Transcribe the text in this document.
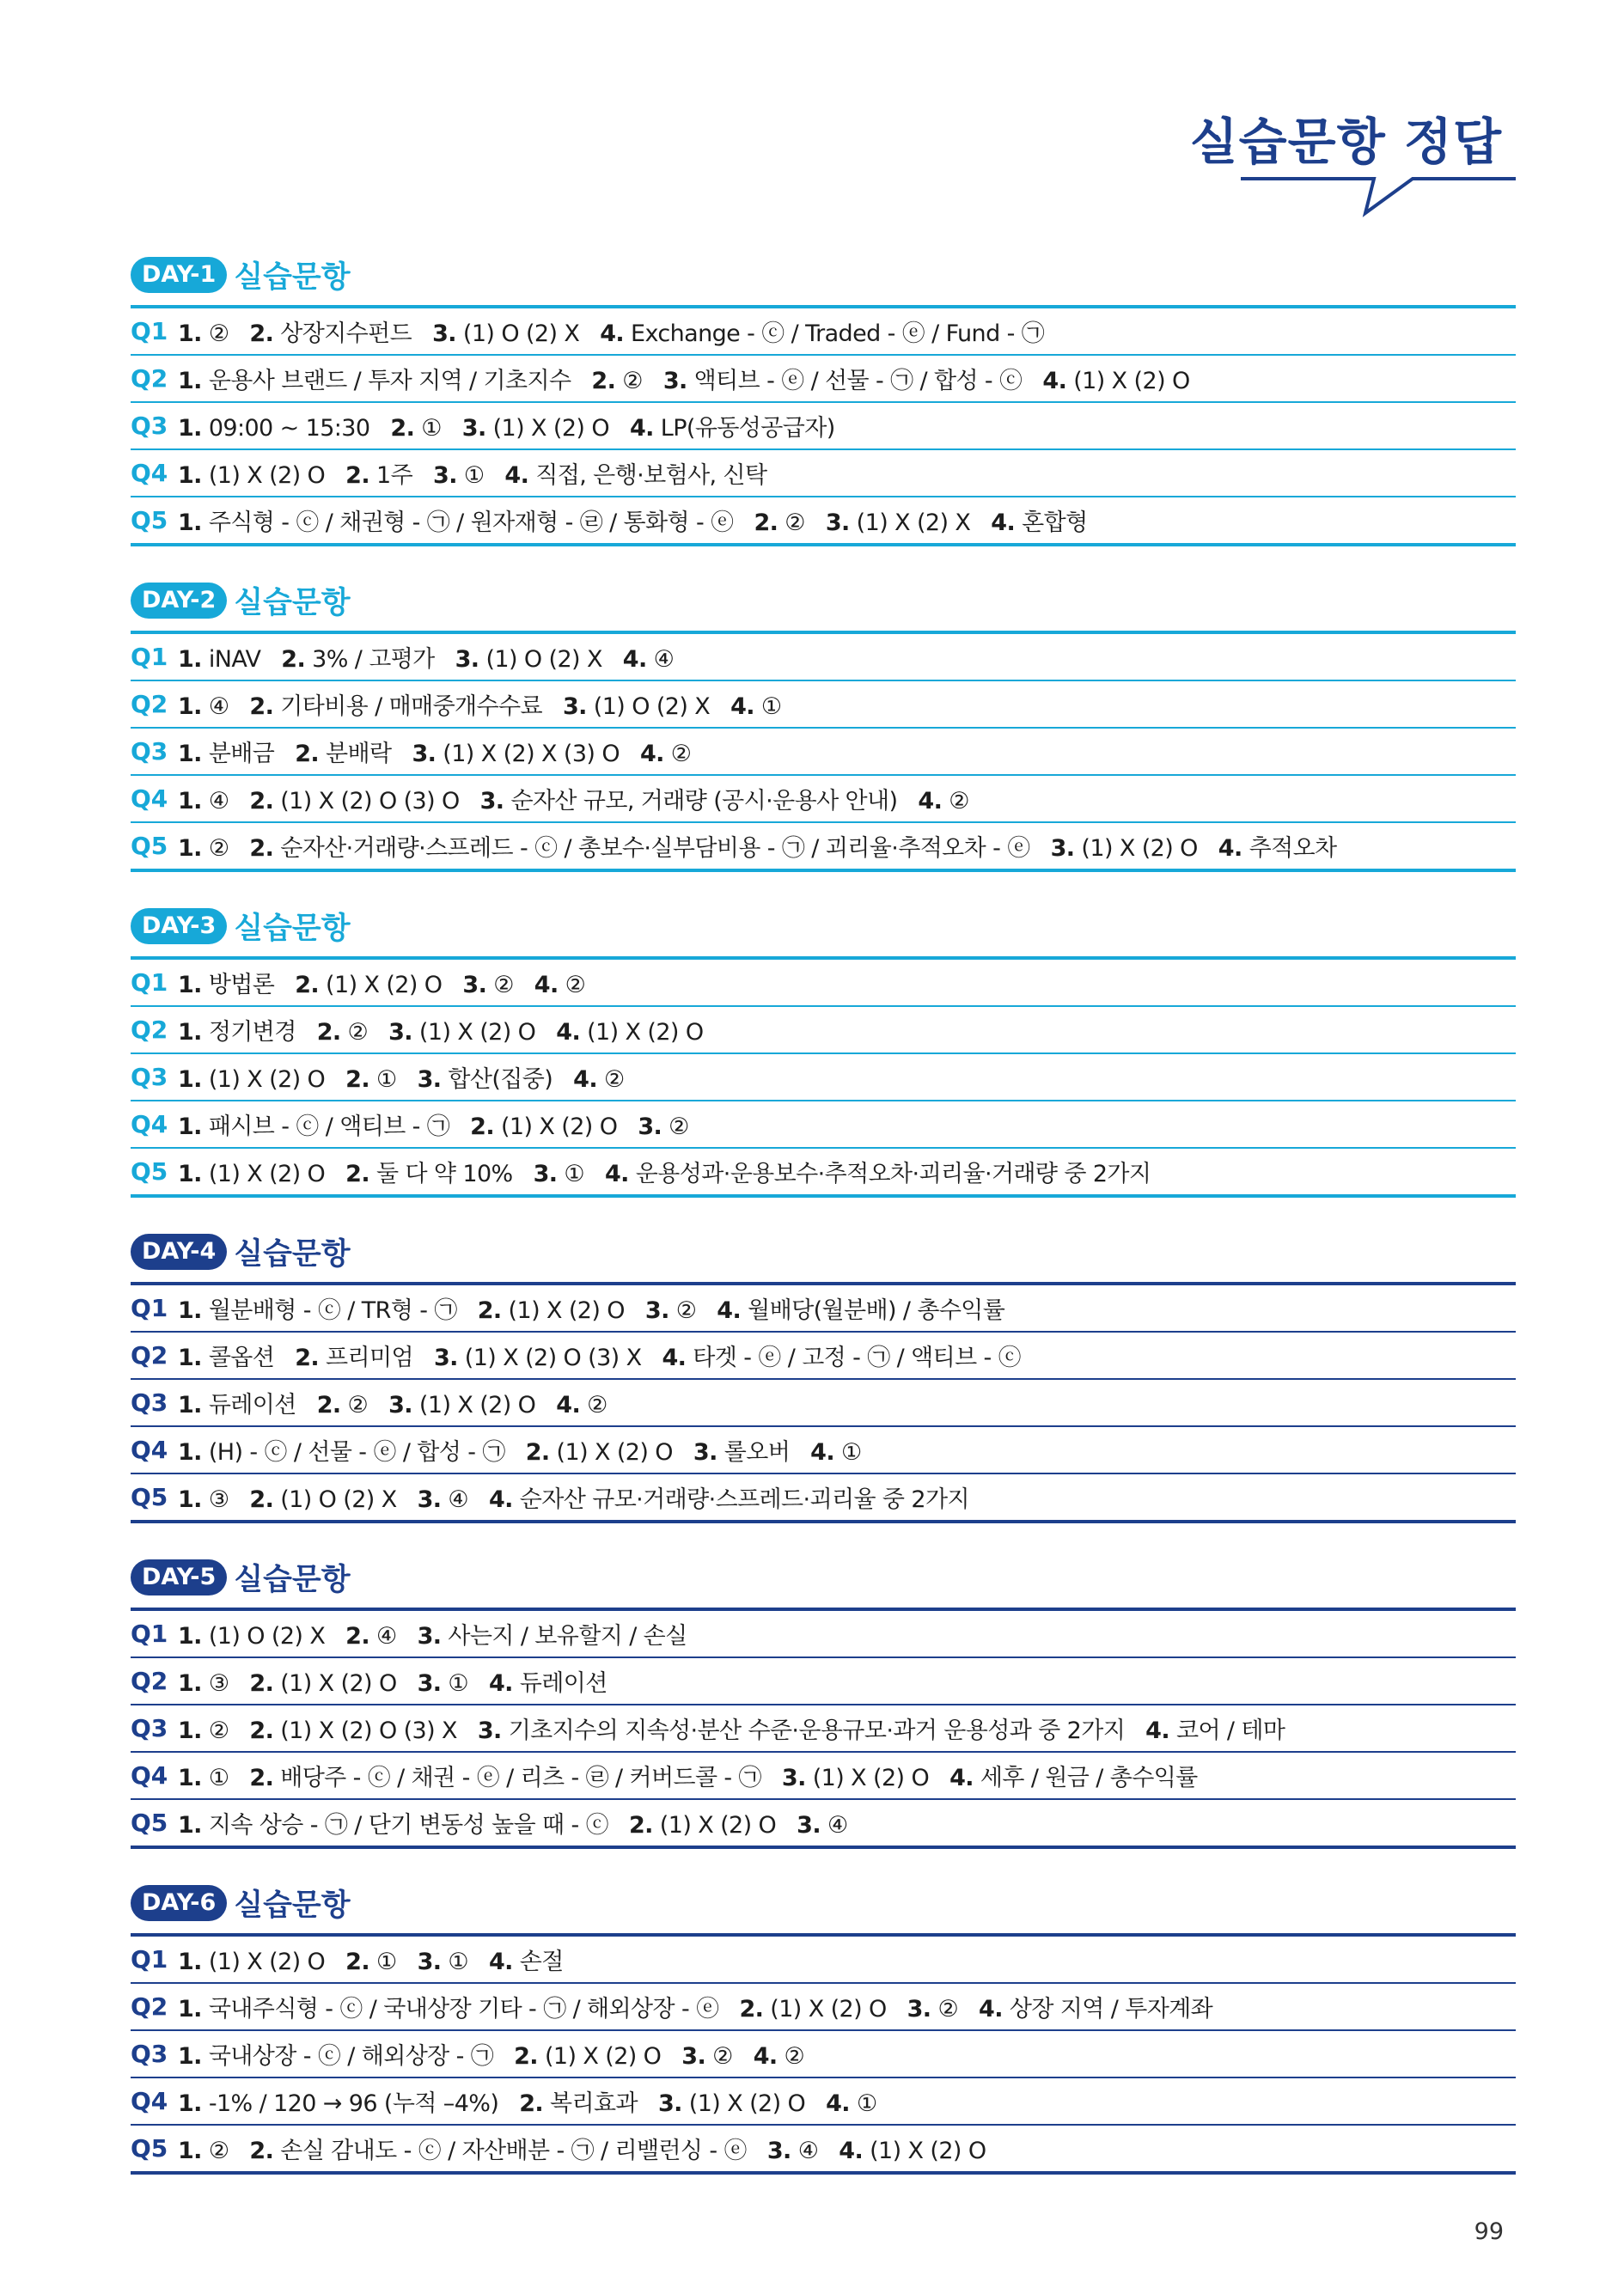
실습문항 정답
DAY-1 실습문항
Q1 1. ② 2. 상장지수펀드 3. (1) O (2) X 4. Exchange - ⓒ / Traded - ⓔ / Fund - ㉠
Q2 1. 운용사 브랜드 / 투자 지역 / 기초지수 2. ② 3. 액티브 - ⓔ / 선물 - ㉠ / 합성 - ⓒ 4. (1) X (2) O
Q3 1. 09:00 ~ 15:30 2. ① 3. (1) X (2) O 4. LP(유동성공급자)
Q4 1. (1) X (2) O 2. 1주 3. ① 4. 직접, 은행·보험사, 신탁
Q5 1. 주식형 - ⓒ / 채권형 - ㉠ / 원자재형 - ㉣ / 통화형 - ⓔ 2. ② 3. (1) X (2) X 4. 혼합형
DAY-2 실습문항
Q1 1. iNAV 2. 3% / 고평가 3. (1) O (2) X 4. ④
Q2 1. ④ 2. 기타비용 / 매매중개수수료 3. (1) O (2) X 4. ①
Q3 1. 분배금 2. 분배락 3. (1) X (2) X (3) O 4. ②
Q4 1. ④ 2. (1) X (2) O (3) O 3. 순자산 규모, 거래량 (공시·운용사 안내) 4. ②
Q5 1. ② 2. 순자산·거래량·스프레드 - ⓒ / 총보수·실부담비용 - ㉠ / 괴리율·추적오차 - ⓔ 3. (1) X (2) O 4. 추적오차
DAY-3 실습문항
Q1 1. 방법론 2. (1) X (2) O 3. ② 4. ②
Q2 1. 정기변경 2. ② 3. (1) X (2) O 4. (1) X (2) O
Q3 1. (1) X (2) O 2. ① 3. 합산(집중) 4. ②
Q4 1. 패시브 - ⓒ / 액티브 - ㉠ 2. (1) X (2) O 3. ②
Q5 1. (1) X (2) O 2. 둘 다 약 10% 3. ① 4. 운용성과·운용보수·추적오차·괴리율·거래량 중 2가지
DAY-4 실습문항
Q1 1. 월분배형 - ⓒ / TR형 - ㉠ 2. (1) X (2) O 3. ② 4. 월배당(월분배) / 총수익률
Q2 1. 콜옵션 2. 프리미엄 3. (1) X (2) O (3) X 4. 타겟 - ⓔ / 고정 - ㉠ / 액티브 - ⓒ
Q3 1. 듀레이션 2. ② 3. (1) X (2) O 4. ②
Q4 1. (H) - ⓒ / 선물 - ⓔ / 합성 - ㉠ 2. (1) X (2) O 3. 롤오버 4. ①
Q5 1. ③ 2. (1) O (2) X 3. ④ 4. 순자산 규모·거래량·스프레드·괴리율 중 2가지
DAY-5 실습문항
Q1 1. (1) O (2) X 2. ④ 3. 사는지 / 보유할지 / 손실
Q2 1. ③ 2. (1) X (2) O 3. ① 4. 듀레이션
Q3 1. ② 2. (1) X (2) O (3) X 3. 기초지수의 지속성·분산 수준·운용규모·과거 운용성과 중 2가지 4. 코어 / 테마
Q4 1. ① 2. 배당주 - ⓒ / 채권 - ⓔ / 리츠 - ㉣ / 커버드콜 - ㉠ 3. (1) X (2) O 4. 세후 / 원금 / 총수익률
Q5 1. 지속 상승 - ㉠ / 단기 변동성 높을 때 - ⓒ 2. (1) X (2) O 3. ④
DAY-6 실습문항
Q1 1. (1) X (2) O 2. ① 3. ① 4. 손절
Q2 1. 국내주식형 - ⓒ / 국내상장 기타 - ㉠ / 해외상장 - ⓔ 2. (1) X (2) O 3. ② 4. 상장 지역 / 투자계좌
Q3 1. 국내상장 - ⓒ / 해외상장 - ㉠ 2. (1) X (2) O 3. ② 4. ②
Q4 1. -1% / 120 → 96 (누적 –4%) 2. 복리효과 3. (1) X (2) O 4. ①
Q5 1. ② 2. 손실 감내도 - ⓒ / 자산배분 - ㉠ / 리밸런싱 - ⓔ 3. ④ 4. (1) X (2) O
99
